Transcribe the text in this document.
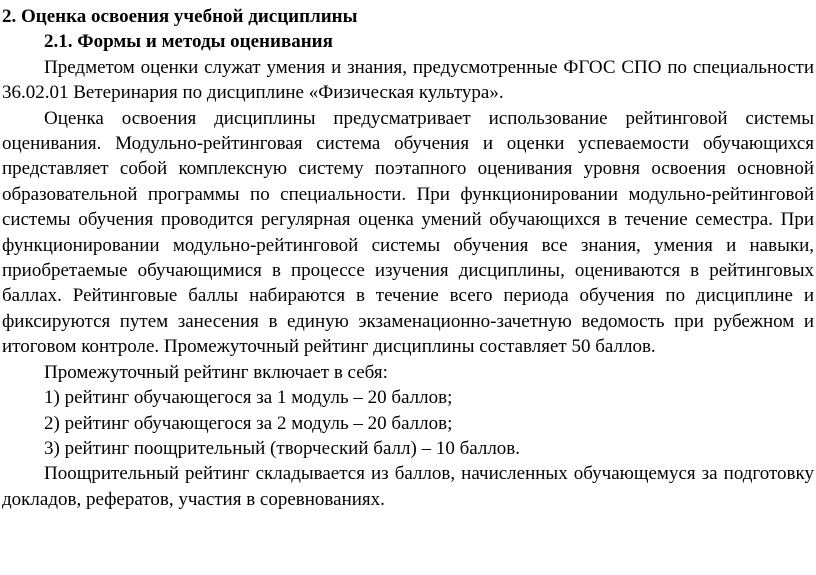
2. Оценка освоения учебной дисциплины
2.1. Формы и методы оценивания

Предметом оценки служат умения и знания, предусмотренные ФГОС СПО по специальности 36.02.01 Ветеринария по дисциплине «Физическая культура».

Оценка освоения дисциплины предусматривает использование рейтинговой системы оценивания. Модульно-рейтинговая система обучения и оценки успеваемости обучающихся представляет собой комплексную систему поэтапного оценивания уровня освоения основной образовательной программы по специальности. При функционировании модульно-рейтинговой системы обучения проводится регулярная оценка умений обучающихся в течение семестра. При функционировании модульно-рейтинговой системы обучения все знания, умения и навыки, приобретаемые обучающимися в процессе изучения дисциплины, оцениваются в рейтинговых баллах. Рейтинговые баллы набираются в течение всего периода обучения по дисциплине и фиксируются путем занесения в единую экзаменационно-зачетную ведомость при рубежном и итоговом контроле. Промежуточный рейтинг дисциплины составляет 50 баллов.

Промежуточный рейтинг включает в себя:

1) рейтинг обучающегося за 1 модуль – 20 баллов;

2) рейтинг обучающегося за 2 модуль – 20 баллов;

3) рейтинг поощрительный (творческий балл) – 10 баллов.

Поощрительный рейтинг складывается из баллов, начисленных обучающемуся за подготовку докладов, рефератов, участия в соревнованиях.
